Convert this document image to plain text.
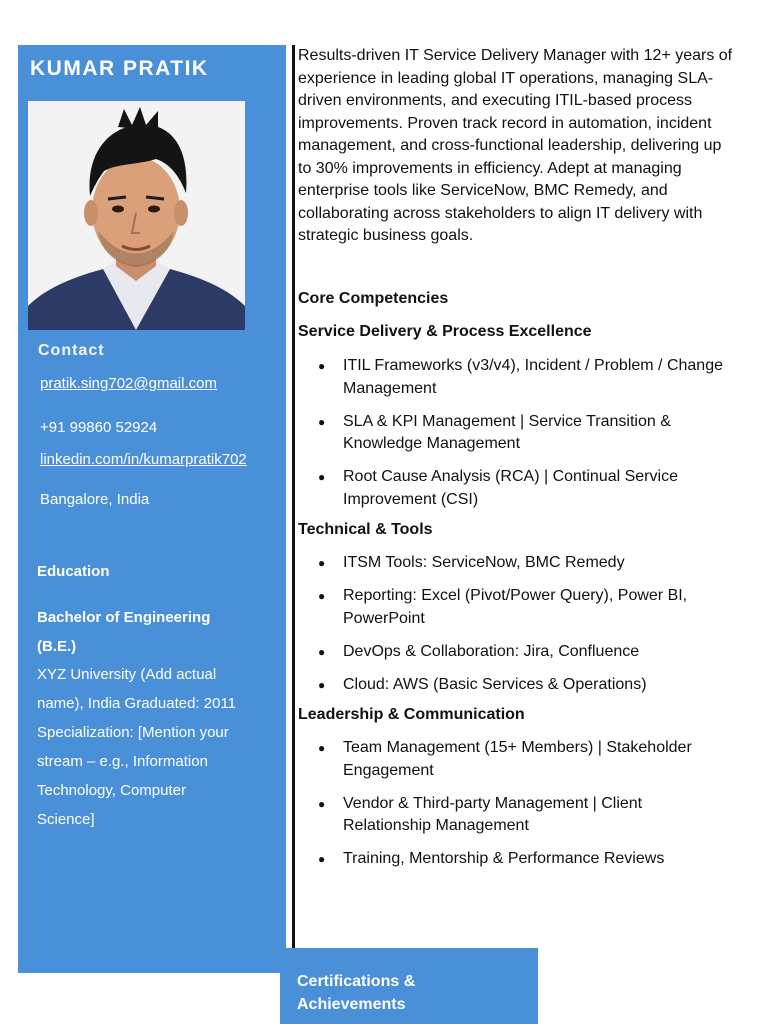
KUMAR PRATIK
Contact
pratik.sing702@gmail.com
+91 99860 52924
linkedin.com/in/kumarpratik702
Bangalore, India
Education
Bachelor of Engineering (B.E.)
XYZ University (Add actual name), India Graduated: 2011 Specialization: [Mention your stream – e.g., Information Technology, Computer Science]

Results-driven IT Service Delivery Manager with 12+ years of experience in leading global IT operations, managing SLA-driven environments, and executing ITIL-based process improvements. Proven track record in automation, incident management, and cross-functional leadership, delivering up to 30% improvements in efficiency. Adept at managing enterprise tools like ServiceNow, BMC Remedy, and collaborating across stakeholders to align IT delivery with strategic business goals.

Core Competencies
Service Delivery & Process Excellence
● ITIL Frameworks (v3/v4), Incident / Problem / Change Management
● SLA & KPI Management | Service Transition & Knowledge Management
● Root Cause Analysis (RCA) | Continual Service Improvement (CSI)
Technical & Tools
● ITSM Tools: ServiceNow, BMC Remedy
● Reporting: Excel (Pivot/Power Query), Power BI, PowerPoint
● DevOps & Collaboration: Jira, Confluence
● Cloud: AWS (Basic Services & Operations)
Leadership & Communication
● Team Management (15+ Members) | Stakeholder Engagement
● Vendor & Third-party Management | Client Relationship Management
● Training, Mentorship & Performance Reviews
Certifications & Achievements
